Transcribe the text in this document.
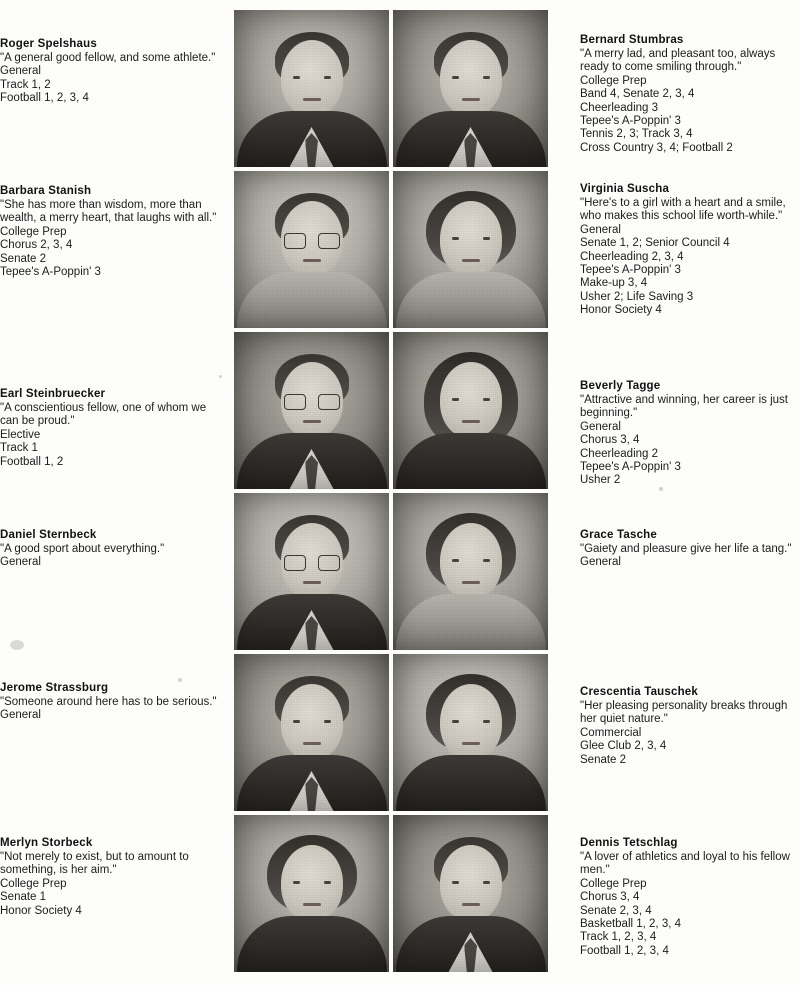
Roger Spelshaus
"A general good fellow, and some athlete."
General
Track 1, 2
Football 1, 2, 3, 4
Bernard Stumbras
"A merry lad, and pleasant too, always ready to come smiling through."
College Prep
Band 4, Senate 2, 3, 4
Cheerleading 3
Tepee's A-Poppin' 3
Tennis 2, 3; Track 3, 4
Cross Country 3, 4; Football 2
Barbara Stanish
"She has more than wisdom, more than wealth, a merry heart, that laughs with all."
College Prep
Chorus 2, 3, 4
Senate 2
Tepee's A-Poppin' 3
Virginia Suscha
"Here's to a girl with a heart and a smile, who makes this school life worth-while."
General
Senate 1, 2; Senior Council 4
Cheerleading 2, 3, 4
Tepee's A-Poppin' 3
Make-up 3, 4
Usher 2; Life Saving 3
Honor Society 4
Earl Steinbruecker
"A conscientious fellow, one of whom we can be proud."
Elective
Track 1
Football 1, 2
Beverly Tagge
"Attractive and winning, her career is just beginning."
General
Chorus 3, 4
Cheerleading 2
Tepee's A-Poppin' 3
Usher 2
Daniel Sternbeck
"A good sport about everything."
General
Grace Tasche
"Gaiety and pleasure give her life a tang."
General
Jerome Strassburg
"Someone around here has to be serious."
General
Crescentia Tauschek
"Her pleasing personality breaks through her quiet nature."
Commercial
Glee Club 2, 3, 4
Senate 2
Merlyn Storbeck
"Not merely to exist, but to amount to something, is her aim."
College Prep
Senate 1
Honor Society 4
Dennis Tetschlag
"A lover of athletics and loyal to his fellow men."
College Prep
Chorus 3, 4
Senate 2, 3, 4
Basketball 1, 2, 3, 4
Track 1, 2, 3, 4
Football 1, 2, 3, 4
